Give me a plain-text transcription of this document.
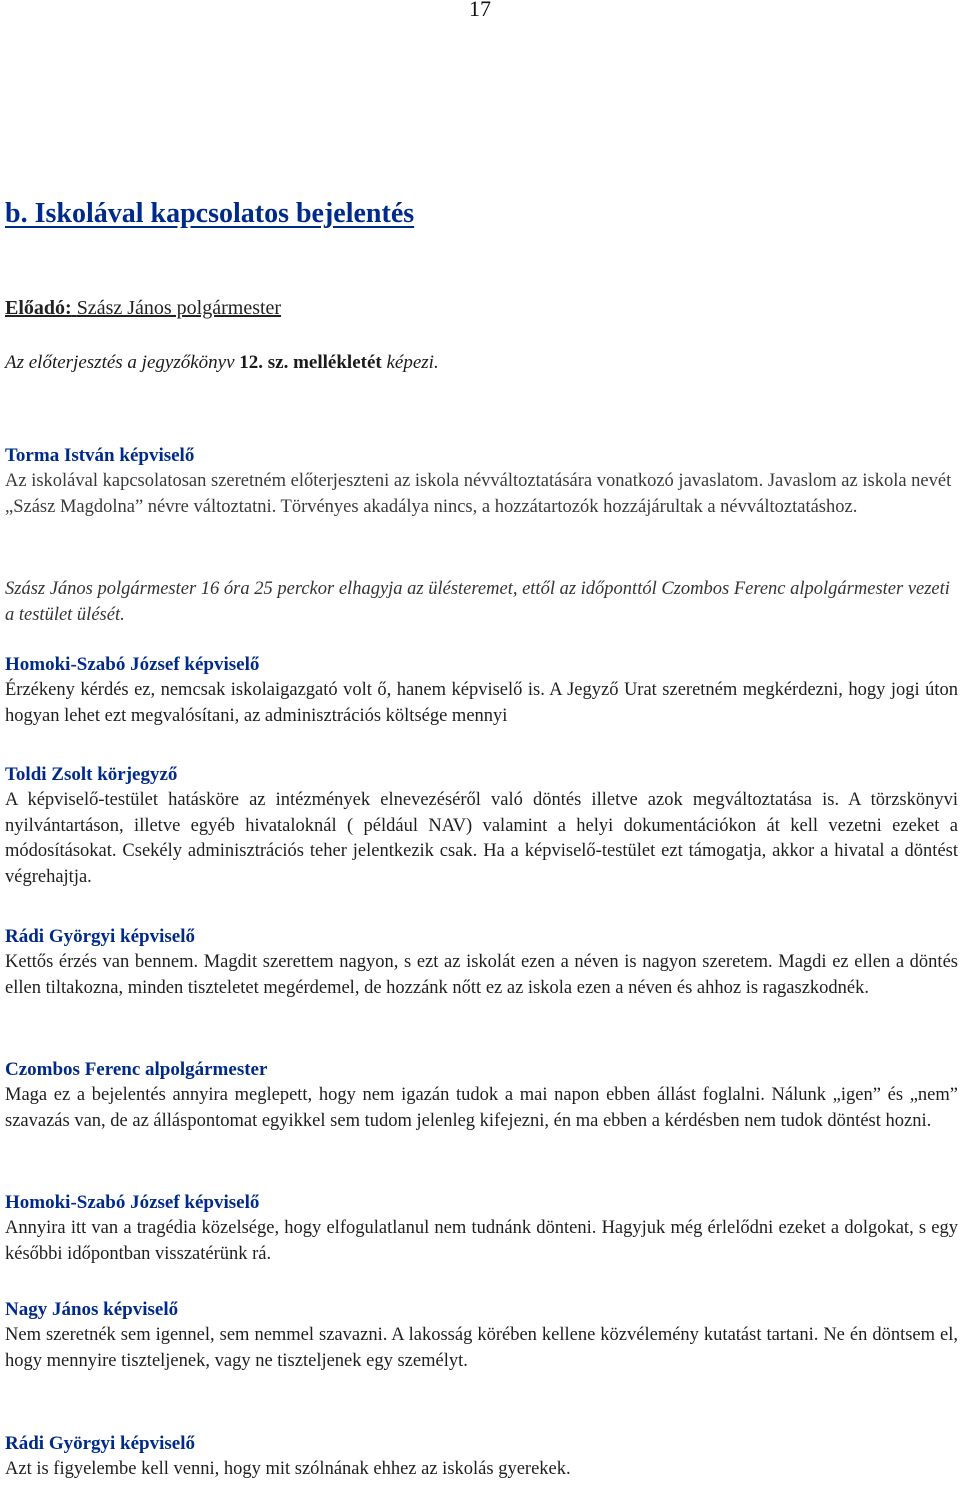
17
b. Iskolával kapcsolatos bejelentés
Előadó: Szász János polgármester
Az előterjesztés a jegyzőkönyv 12. sz. mellékletét képezi.

Torma István képviselő

Az iskolával kapcsolatosan szeretném előterjeszteni az iskola névváltoztatására vonatkozó javaslatom. Javaslom az iskola nevét „Szász Magdolna” névre változtatni. Törvényes akadálya nincs, a hozzátartozók hozzájárultak a névváltoztatáshoz.

Szász János polgármester 16 óra 25 perckor elhagyja az ülésteremet, ettől az időponttól Czombos Ferenc alpolgármester vezeti a testület ülését.

Homoki-Szabó József képviselő

Érzékeny kérdés ez, nemcsak iskolaigazgató volt ő, hanem képviselő is. A Jegyző Urat szeretném megkérdezni, hogy jogi úton hogyan lehet ezt megvalósítani, az adminisztrációs költsége mennyi

Toldi Zsolt körjegyző

A képviselő-testület hatásköre az intézmények elnevezéséről való döntés illetve azok megváltoztatása is. A törzskönyvi nyilvántartáson, illetve egyéb hivataloknál ( például NAV) valamint a helyi dokumentációkon át kell vezetni ezeket a módosításokat. Csekély adminisztrációs teher jelentkezik csak. Ha a képviselő-testület ezt támogatja, akkor a hivatal a döntést végrehajtja.

Rádi Györgyi képviselő

Kettős érzés van bennem. Magdit szerettem nagyon, s ezt az iskolát ezen a néven is nagyon szeretem. Magdi ez ellen a döntés ellen tiltakozna, minden tiszteletet megérdemel, de hozzánk nőtt ez az iskola ezen a néven és ahhoz is ragaszkodnék.

Czombos Ferenc alpolgármester

Maga ez a bejelentés annyira meglepett, hogy nem igazán tudok a mai napon ebben állást foglalni. Nálunk „igen” és „nem” szavazás van, de az álláspontomat egyikkel sem tudom jelenleg kifejezni, én ma ebben a kérdésben nem tudok döntést hozni.

Homoki-Szabó József képviselő

Annyira itt van a tragédia közelsége, hogy elfogulatlanul nem tudnánk dönteni. Hagyjuk még érlelődni ezeket a dolgokat, s egy későbbi időpontban visszatérünk rá.

Nagy János képviselő

Nem szeretnék sem igennel, sem nemmel szavazni. A lakosság körében kellene közvélemény kutatást tartani. Ne én döntsem el, hogy mennyire tiszteljenek, vagy ne tiszteljenek egy személyt.

Rádi Györgyi képviselő

Azt is figyelembe kell venni, hogy mit szólnának ehhez az iskolás gyerekek.
